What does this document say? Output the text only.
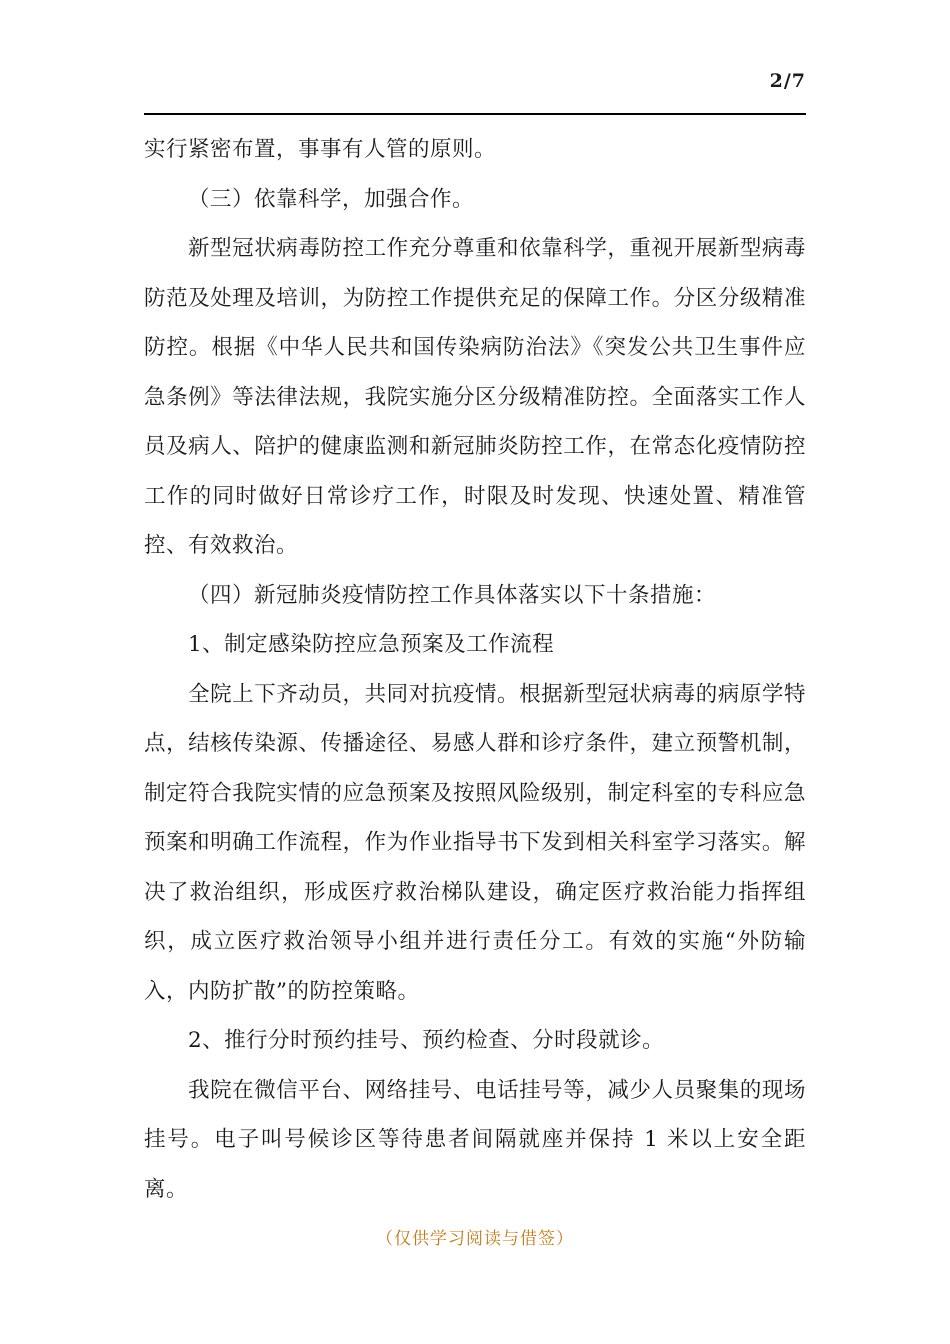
2/7

实行紧密布置，事事有人管的原则。

（三）依靠科学，加强合作。

新型冠状病毒防控工作充分尊重和依靠科学，重视开展新型病毒防范及处理及培训，为防控工作提供充足的保障工作。分区分级精准防控。根据《中华人民共和国传染病防治法》《突发公共卫生事件应急条例》等法律法规，我院实施分区分级精准防控。全面落实工作人员及病人、陪护的健康监测和新冠肺炎防控工作，在常态化疫情防控工作的同时做好日常诊疗工作，时限及时发现、快速处置、精准管控、有效救治。

（四）新冠肺炎疫情防控工作具体落实以下十条措施：

1、制定感染防控应急预案及工作流程

全院上下齐动员，共同对抗疫情。根据新型冠状病毒的病原学特点，结核传染源、传播途径、易感人群和诊疗条件，建立预警机制，制定符合我院实情的应急预案及按照风险级别，制定科室的专科应急预案和明确工作流程，作为作业指导书下发到相关科室学习落实。解决了救治组织，形成医疗救治梯队建设，确定医疗救治能力指挥组织，成立医疗救治领导小组并进行责任分工。有效的实施“外防输入，内防扩散”的防控策略。

2、推行分时预约挂号、预约检查、分时段就诊。

我院在微信平台、网络挂号、电话挂号等，减少人员聚集的现场挂号。电子叫号候诊区等待患者间隔就座并保持 1 米以上安全距离。

（仅供学习阅读与借签）
